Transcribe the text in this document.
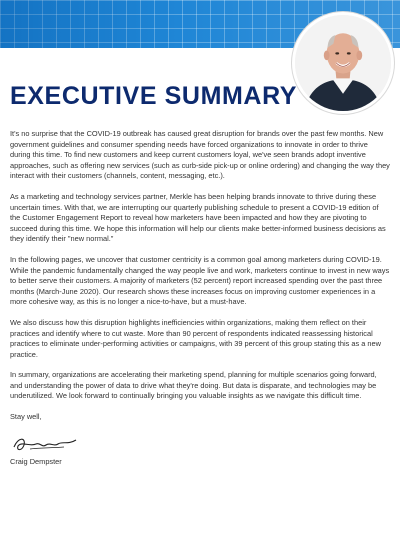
EXECUTIVE SUMMARY

It's no surprise that the COVID-19 outbreak has caused great disruption for brands over the past few months. New government guidelines and consumer spending needs have forced organizations to innovate in order to thrive during this time. To find new customers and keep current customers loyal, we've seen brands adopt inventive approaches, such as offering new services (such as curb-side pick-up or online ordering) and changing the way they interact with their customers (channels, content, messaging, etc.).

As a marketing and technology services partner, Merkle has been helping brands innovate to thrive during these uncertain times. With that, we are interrupting our quarterly publishing schedule to present a COVID-19 edition of the Customer Engagement Report to reveal how marketers have been impacted and how they are pivoting to succeed during this time. We hope this information will help our clients make better-informed business decisions as they identify their "new normal."

In the following pages, we uncover that customer centricity is a common goal among marketers during COVID-19. While the pandemic fundamentally changed the way people live and work, marketers continue to invest in new ways to better serve their customers. A majority of marketers (52 percent) report increased spending over the past three months (March-June 2020). Our research shows these increases focus on improving customer experiences in a more cohesive way, as this is no longer a nice-to-have, but a must-have.

We also discuss how this disruption highlights inefficiencies within organizations, making them reflect on their practices and identify where to cut waste. More than 90 percent of respondents indicated reassessing historical practices to eliminate under-performing activities or campaigns, with 39 percent of this group stating this as a new practice.

In summary, organizations are accelerating their marketing spend, planning for multiple scenarios going forward, and understanding the power of data to drive what they're doing. But data is disparate, and technologies may be underutilized. We look forward to continually bringing you valuable insights as we navigate this difficult time.

Stay well,

Craig Dempster
